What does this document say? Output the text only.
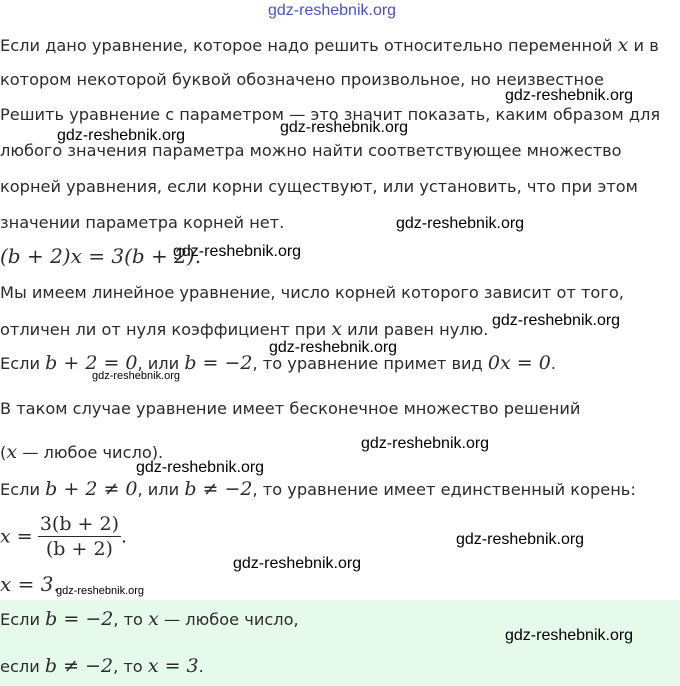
gdz-reshebnik.org
Если дано уравнение, которое надо решить относительно переменной x и в
котором некоторой буквой обозначено произвольное, но неизвестное
Решить уравнение с параметром — это значит показать, каким образом для
любого значения параметра можно найти соответствующее множество
корней уравнения, если корни существуют, или установить, что при этом
значении параметра корней нет.
(b + 2)x = 3(b + 2).
Мы имеем линейное уравнение, число корней которого зависит от того,
отличен ли от нуля коэффициент при x или равен нулю.
Если b + 2 = 0, или b = −2, то уравнение примет вид 0x = 0.
В таком случае уравнение имеет бесконечное множество решений
(x — любое число).
Если b + 2 ≠ 0, или b ≠ −2, то уравнение имеет единственный корень:
$x = \frac{3(b + 2)}{(b + 2)}$ .
x = 3.
Если b = −2, то x — любое число,
если b ≠ −2, то x = 3.
gdz-reshebnik.org
gdz-reshebnik.org
gdz-reshebnik.org
gdz-reshebnik.org
gdz-reshebnik.org
gdz-reshebnik.org
gdz-reshebnik.org
gdz-reshebnik.org
gdz-reshebnik.org
gdz-reshebnik.org
gdz-reshebnik.org
gdz-reshebnik.org
gdz-reshebnik.org
gdz-reshebnik.org
